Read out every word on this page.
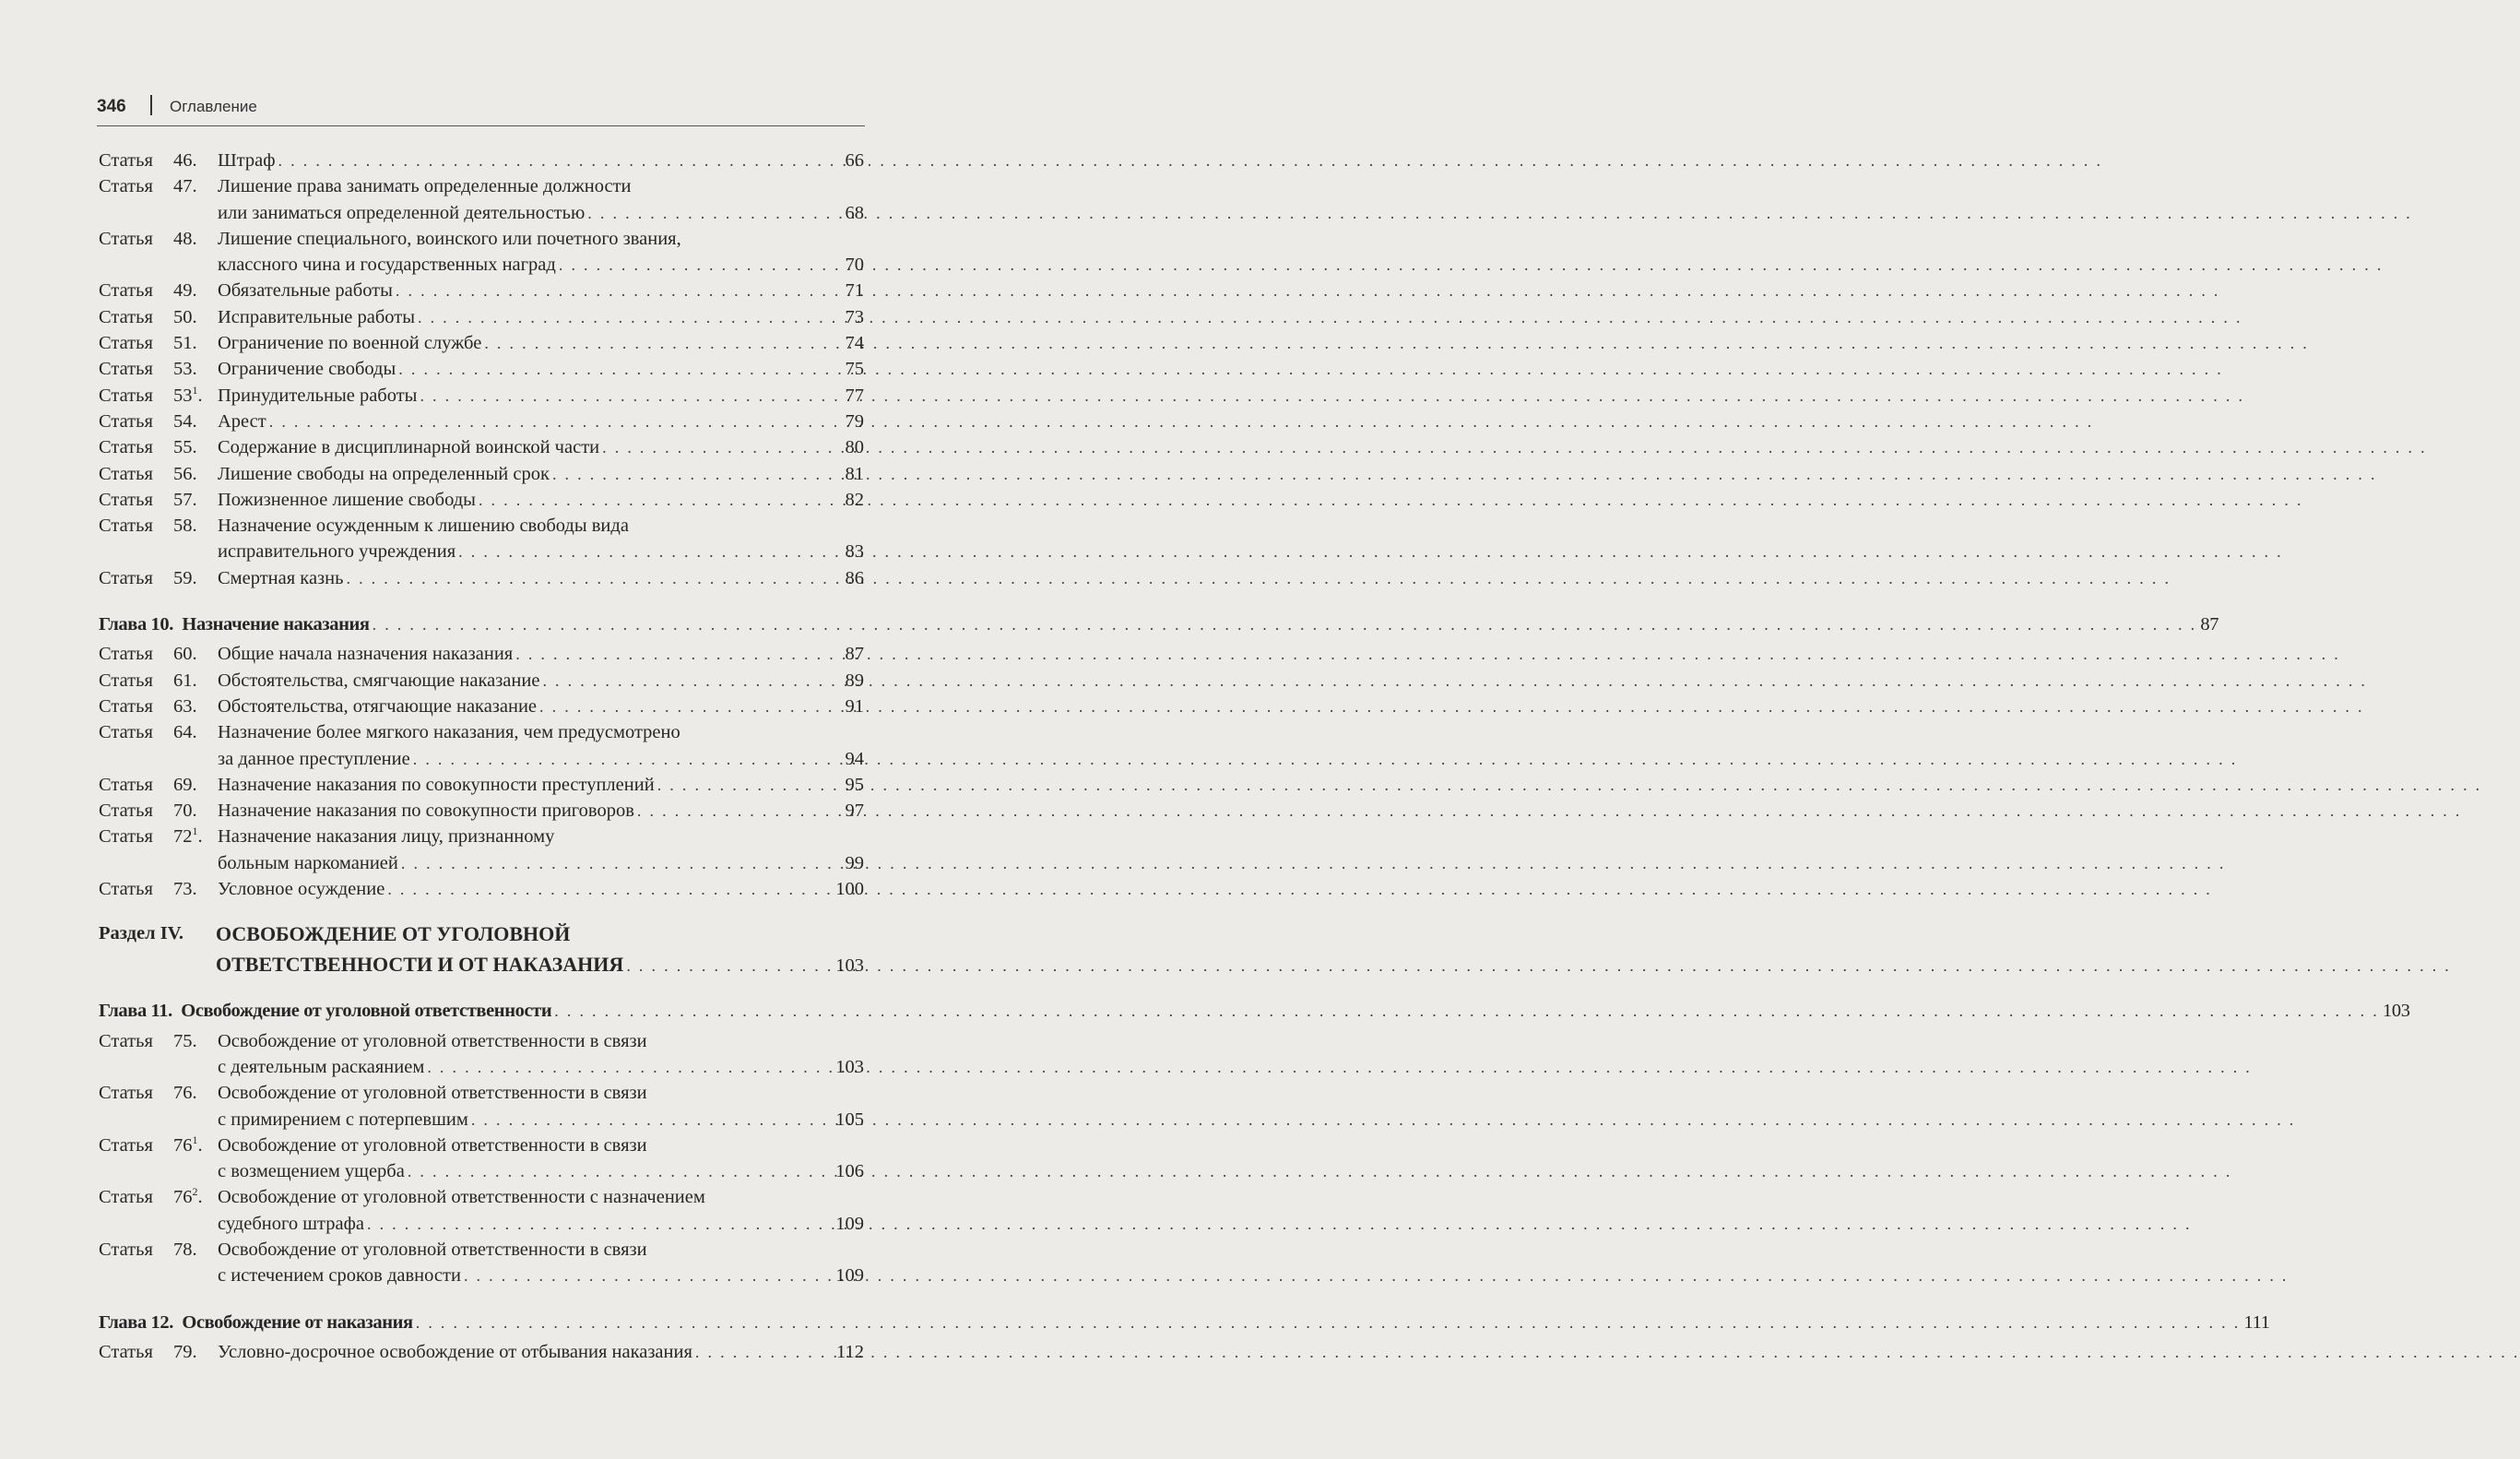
346	Оглавление
Статья	46.	Штраф . . .	66
Статья	47.	Лишение права занимать определенные должности
или заниматься определенной деятельностью . . .	68
Статья	48.	Лишение специального, воинского или почетного звания,
классного чина и государственных наград . . .	70
Статья	49.	Обязательные работы . . .	71
Статья	50.	Исправительные работы . . .	73
Статья	51.	Ограничение по военной службе . . .	74
Статья	53.	Ограничение свободы . . .	75
Статья	$53^1$. Принудительные работы . . .	77
Статья	54.	Арест . . .	79
Статья	55.	Содержание в дисциплинарной воинской части . . .	80
Статья	56.	Лишение свободы на определенный срок . . .	81
Статья	57.	Пожизненное лишение свободы . . .	82
Статья	58.	Назначение осужденным к лишению свободы вида
исправительного учреждения . . .	83
Статья	59.	Смертная казнь . . .	86
Глава 10. Назначение наказания . . .	87
Статья	60.	Общие начала назначения наказания . . .	87
Статья	61.	Обстоятельства, смягчающие наказание . . .	89
Статья	63.	Обстоятельства, отягчающие наказание . . .	91
Статья	64.	Назначение более мягкого наказания, чем предусмотрено
за данное преступление . . .	94
Статья	69.	Назначение наказания по совокупности преступлений . . .	95
Статья	70.	Назначение наказания по совокупности приговоров . . .	97
Статья	$72^1$. Назначение наказания лицу, признанному
больным наркоманией . . .	99
Статья	73.	Условное осуждение . . .	100
Раздел IV.	ОСВОБОЖДЕНИЕ ОТ УГОЛОВНОЙ
ОТВЕТСТВЕННОСТИ И ОТ НАКАЗАНИЯ . . .	103
Глава 11. Освобождение от уголовной ответственности . . .	103
Статья	75.	Освобождение от уголовной ответственности в связи
с деятельным раскаянием . . .	103
Статья	76.	Освобождение от уголовной ответственности в связи
с примирением с потерпевшим . . .	105
Статья	$76^1$. Освобождение от уголовной ответственности в связи
с возмещением ущерба . . .	106
Статья	$76^2$. Освобождение от уголовной ответственности с назначением
судебного штрафа . . .	109
Статья	78.	Освобождение от уголовной ответственности в связи
с истечением сроков давности . . .	109
Глава 12. Освобождение от наказания . . .	111
Статья	79.	Условно-досрочное освобождение от отбывания наказания . . .	112
